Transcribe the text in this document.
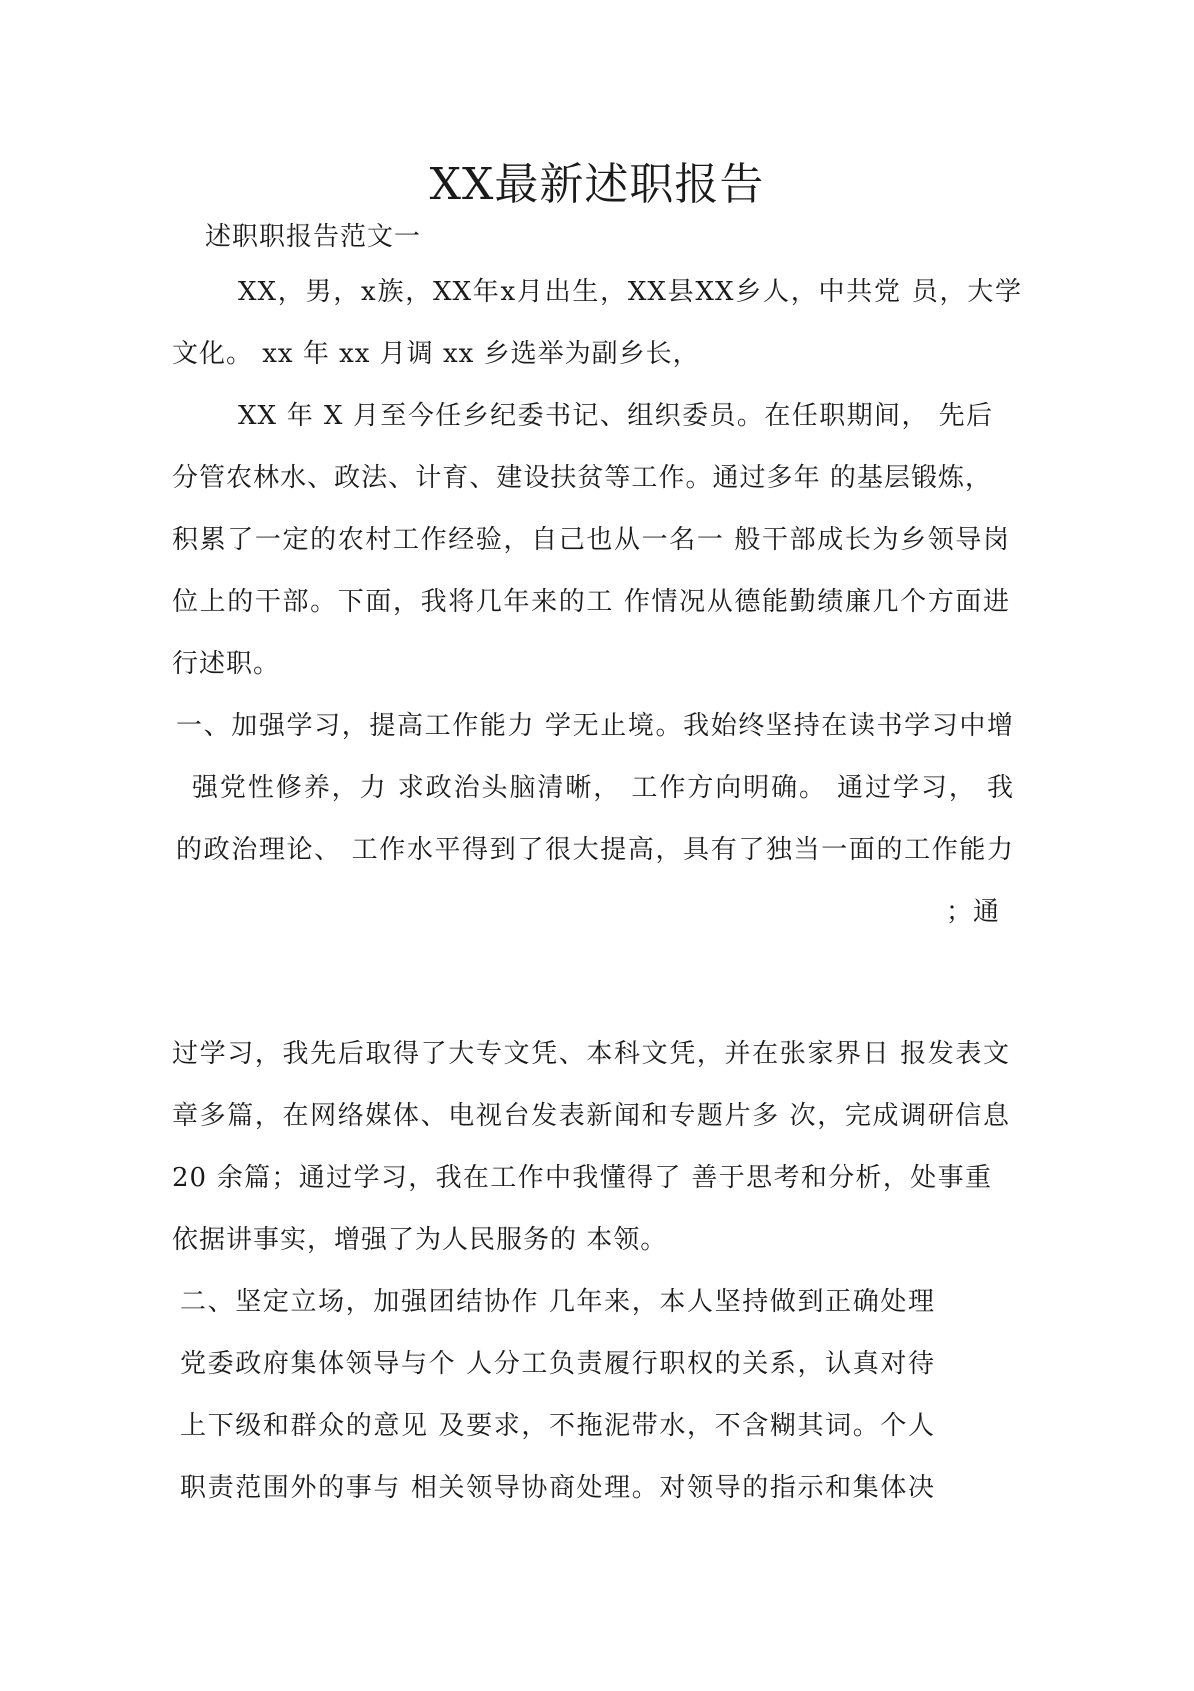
XX最新述职报告
述职职报告范文一
XX，男，x族，XX年x月出生，XX县XX乡人，中共党 员，大学
文化。 xx 年 xx 月调 xx 乡选举为副乡长，
XX 年 X 月至今任乡纪委书记、组织委员。在任职期间， 先后
分管农林水、政法、计育、建设扶贫等工作。通过多年 的基层锻炼，
积累了一定的农村工作经验，自己也从一名一 般干部成长为乡领导岗
位上的干部。下面，我将几年来的工 作情况从德能勤绩廉几个方面进
行述职。
一、加强学习，提高工作能力 学无止境。我始终坚持在读书学习中增
强党性修养，力 求政治头脑清晰， 工作方向明确。 通过学习， 我
的政治理论、 工作水平得到了很大提高，具有了独当一面的工作能力
；通
过学习，我先后取得了大专文凭、本科文凭，并在张家界日 报发表文
章多篇，在网络媒体、电视台发表新闻和专题片多 次，完成调研信息
20 余篇；通过学习，我在工作中我懂得了 善于思考和分析，处事重
依据讲事实，增强了为人民服务的 本领。
二、坚定立场，加强团结协作 几年来，本人坚持做到正确处理
党委政府集体领导与个 人分工负责履行职权的关系，认真对待
上下级和群众的意见 及要求，不拖泥带水，不含糊其词。个人
职责范围外的事与 相关领导协商处理。对领导的指示和集体决
